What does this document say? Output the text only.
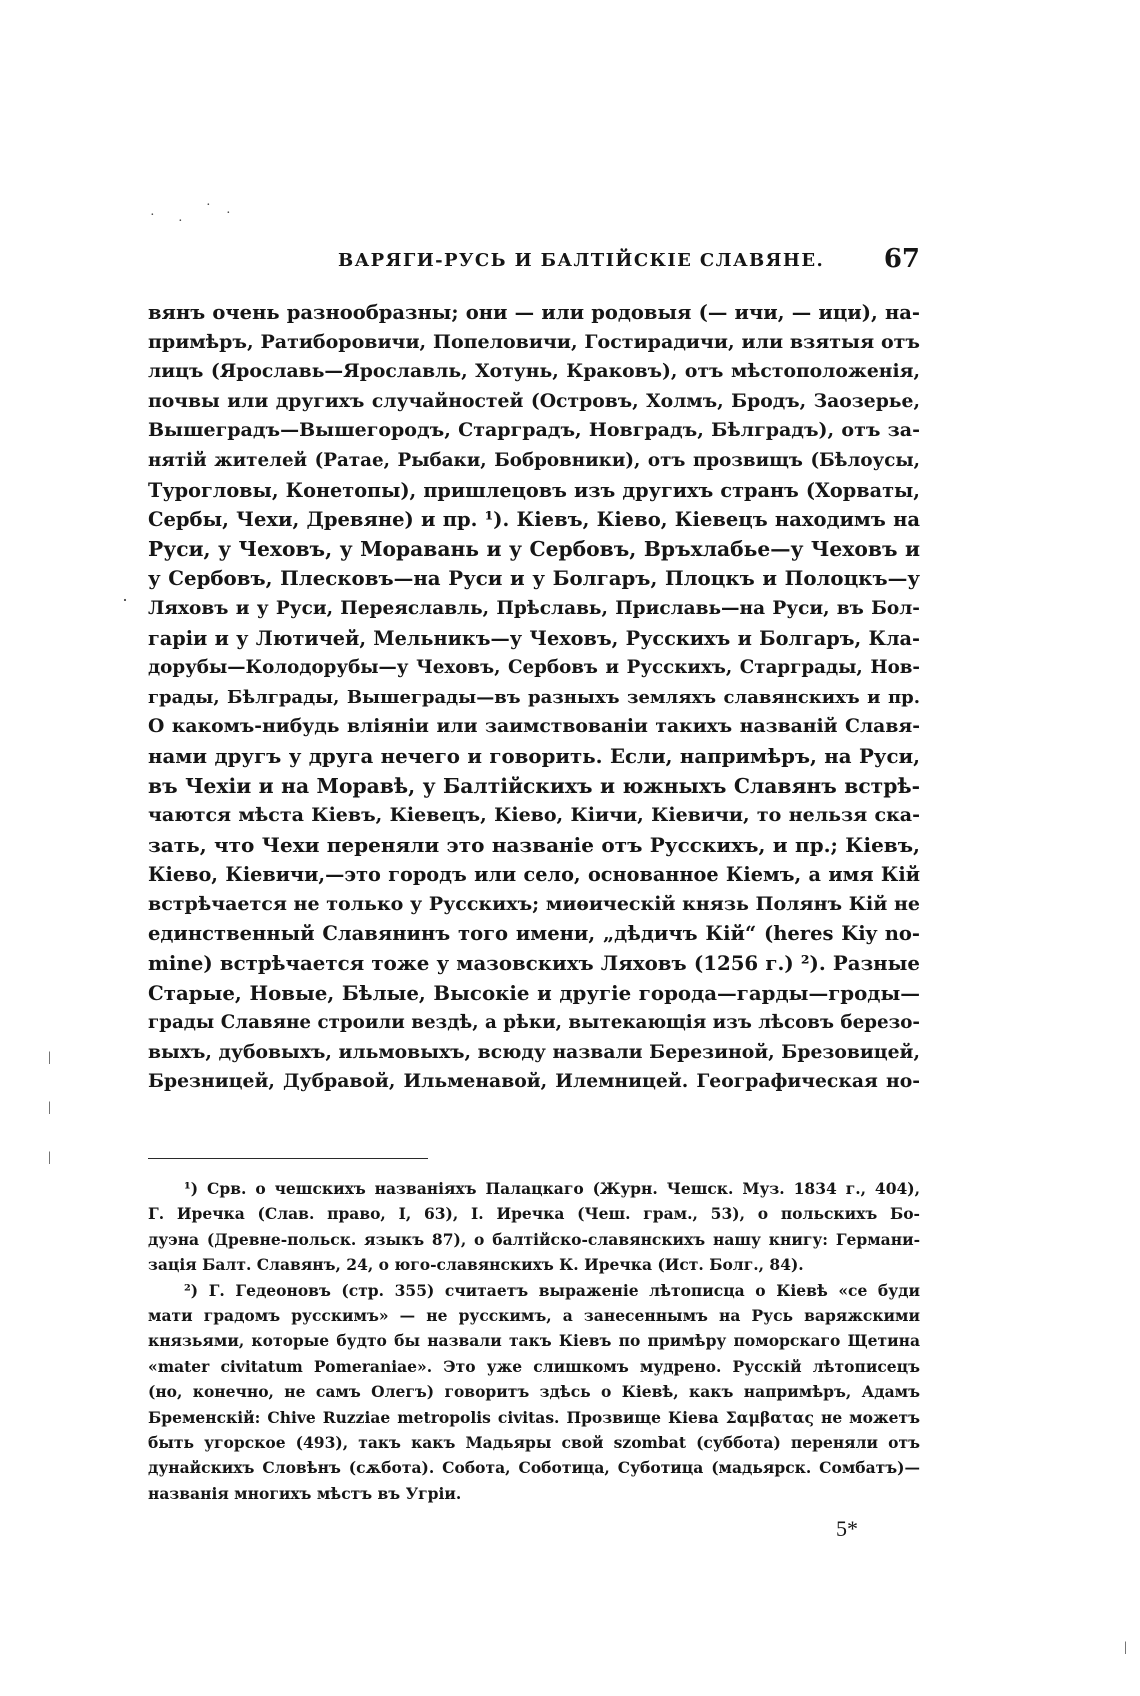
· ·
·
·
·
|
|
|
|
ВАРЯГИ-РУСЬ И БАЛТІЙСКІЕ СЛАВЯНЕ. 67
вянъ очень разнообразны; они — или родовыя (— ичи, — ици), на-
примѣръ, Ратиборовичи, Попеловичи, Гостирадичи, или взятыя отъ
лицъ (Ярославь—Ярославль, Хотунь, Краковъ), отъ мѣстоположенія,
почвы или другихъ случайностей (Островъ, Холмъ, Бродъ, Заозерье,
Вышеградъ—Вышегородъ, Старградъ, Новградъ, Бѣлградъ), отъ за-
нятій жителей (Ратае, Рыбаки, Бобровники), отъ прозвищъ (Бѣлоусы,
Турогловы, Конетопы), пришлецовъ изъ другихъ странъ (Хорваты,
Сербы, Чехи, Древяне) и пр. ¹). Кіевъ, Кіево, Кіевецъ находимъ на
Руси, у Чеховъ, у Моравань и у Сербовъ, Връхлабье—у Чеховъ и
у Сербовъ, Плесковъ—на Руси и у Болгаръ, Плоцкъ и Полоцкъ—у
Ляховъ и у Руси, Переяславль, Прѣславь, Приславь—на Руси, въ Бол-
гаріи и у Лютичей, Мельникъ—у Чеховъ, Русскихъ и Болгаръ, Кла-
дорубы—Колодорубы—у Чеховъ, Сербовъ и Русскихъ, Старграды, Нов-
грады, Бѣлграды, Вышеграды—въ разныхъ земляхъ славянскихъ и пр.
О какомъ-нибудь вліяніи или заимствованіи такихъ названій Славя-
нами другъ у друга нечего и говорить. Если, напримѣръ, на Руси,
въ Чехіи и на Моравѣ, у Балтійскихъ и южныхъ Славянъ встрѣ-
чаются мѣста Кіевъ, Кіевецъ, Кіево, Кіичи, Кіевичи, то нельзя ска-
зать, что Чехи переняли это названіе отъ Русскихъ, и пр.; Кіевъ,
Кіево, Кіевичи,—это городъ или село, основанное Кіемъ, а имя Кій
встрѣчается не только у Русскихъ; миѳическій князь Полянъ Кій не
единственный Славянинъ того имени, „дѣдичъ Кій“ (heres Kiy no-
mine) встрѣчается тоже у мазовскихъ Ляховъ (1256 г.) ²). Разные
Старые, Новые, Бѣлые, Высокіе и другіе города—гарды—гроды—
грады Славяне строили вездѣ, а рѣки, вытекающія изъ лѣсовъ березо-
выхъ, дубовыхъ, ильмовыхъ, всюду назвали Березиной, Брезовицей,
Брезницей, Дубравой, Ильменавой, Илемницей. Географическая но-
¹) Срв. о чешскихъ названіяхъ Палацкаго (Журн. Чешск. Муз. 1834 г., 404),
Г. Иречка (Слав. право, I, 63), I. Иречка (Чеш. грам., 53), о польскихъ Бо-
дуэна (Древне-польск. языкъ 87), о балтійско-славянскихъ нашу книгу: Германи-
зація Балт. Славянъ, 24, о юго-славянскихъ К. Иречка (Ист. Болг., 84).
²) Г. Гедеоновъ (стр. 355) считаетъ выраженіе лѣтописца о Кіевѣ «се буди
мати градомъ русскимъ» — не русскимъ, а занесеннымъ на Русь варяжскими
князьями, которые будто бы назвали такъ Кіевъ по примѣру поморскаго Щетина
«mater civitatum Pomeraniae». Это уже слишкомъ мудрено. Русскій лѣтописецъ
(но, конечно, не самъ Олегъ) говоритъ здѣсь о Кіевѣ, какъ напримѣръ, Адамъ
Бременскій: Chive Ruzziae metropolis civitas. Прозвище Кіева Σαμβατας не можетъ
быть угорское (493), такъ какъ Мадьяры свой szombat (суббота) переняли отъ
дунайскихъ Словѣнъ (сѫбота). Собота, Соботица, Суботица (мадьярск. Сомбатъ)—
названія многихъ мѣстъ въ Угріи.
5*
